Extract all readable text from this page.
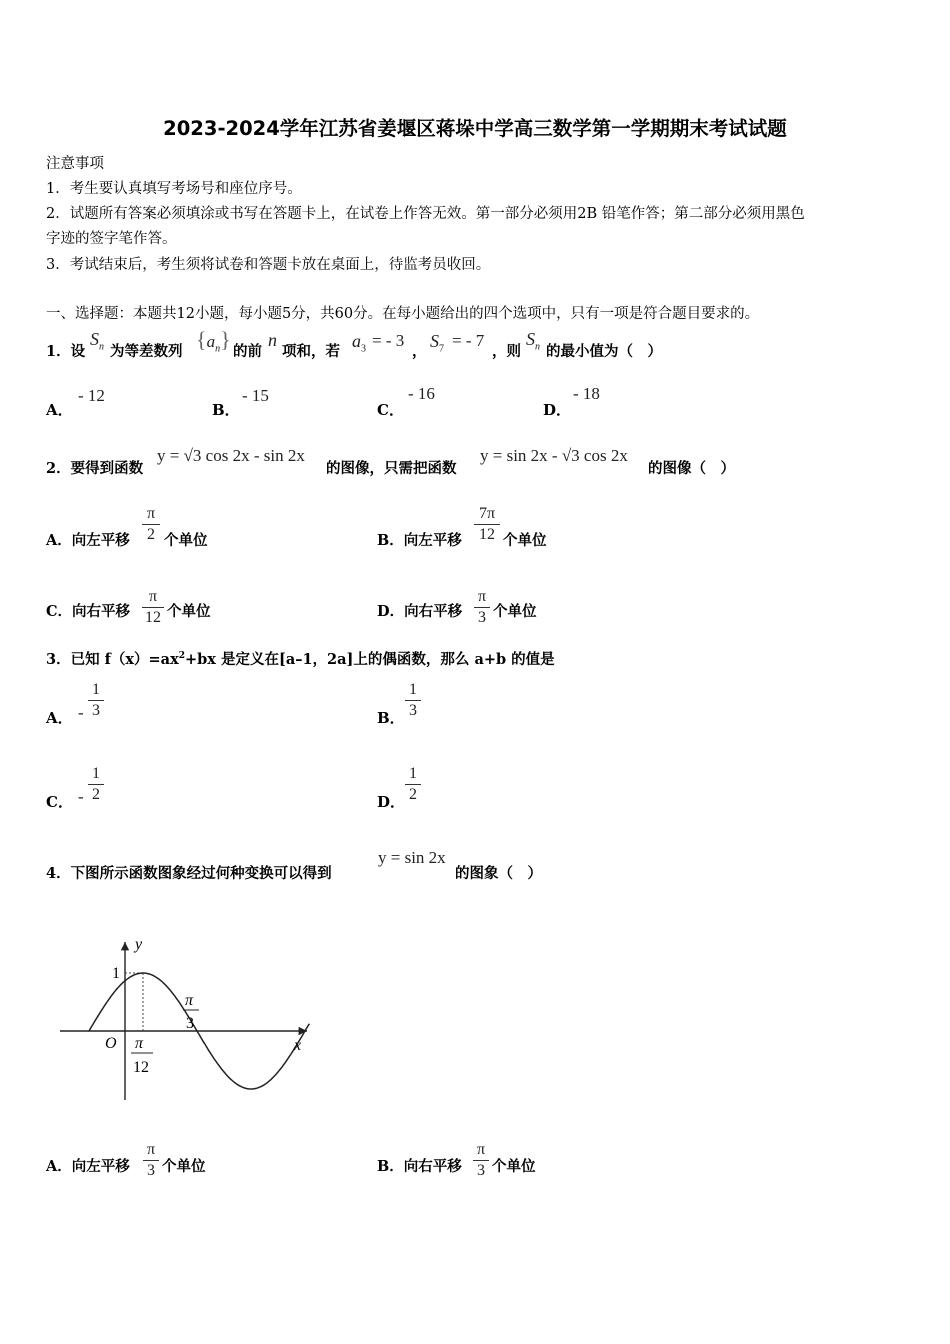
2023-2024学年江苏省姜堰区蒋垛中学高三数学第一学期期末考试试题
注意事项
1．考生要认真填写考场号和座位序号。
2．试题所有答案必须填涂或书写在答题卡上，在试卷上作答无效。第一部分必须用2B 铅笔作答；第二部分必须用黑色
字迹的签字笔作答。
3．考试结束后，考生须将试卷和答题卡放在桌面上，待监考员收回。
一、选择题：本题共12小题，每小题5分，共60分。在每小题给出的四个选项中，只有一项是符合题目要求的。
1．设
$S_n$ 为等差数列 $\{a_n\}$ 的前
n
项和，若
$a_3$ = - 3
，
$S_7$ = - 7
，则
$S_n$ 的最小值为（　）
A．
- 12
B．
- 15
C．
- 16
D．
- 18
2．要得到函数
y = √3 cos 2x - sin 2x
的图像，只需把函数
y = sin 2x - √3 cos 2x
的图像（　）
A．向左平移
π
2 个单位	B．向左平移
7π
12 个单位
C．向右平移
π
12 个单位	D．向右平移
π
3 个单位
3．已知 $f(x)=ax^2+bx$ 是定义在[a–1，2a]上的偶函数，那么 a+b 的值是
A． -
1
3	B．
1
3
C． -
1
2	D．
1
2
4．下图所示函数图象经过何种变换可以得到
y = sin 2x
的图象（　）
y
x
O
1
π
12
π
3
A．向左平移
π
3 个单位	B．向右平移
π
3 个单位
